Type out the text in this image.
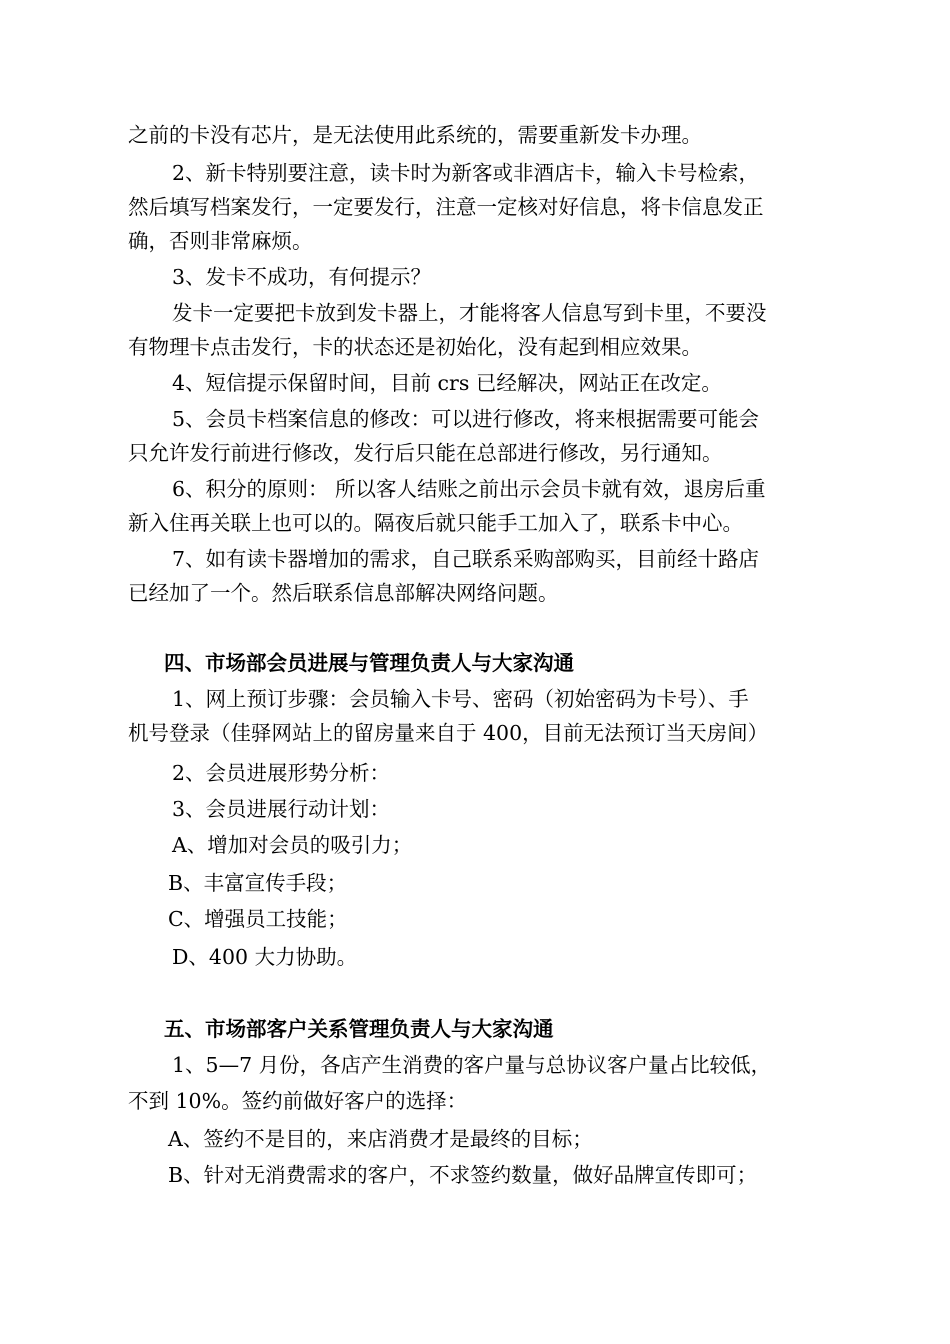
之前的卡没有芯片，是无法使用此系统的，需要重新发卡办理。
2、新卡特别要注意，读卡时为新客或非酒店卡，输入卡号检索，
然后填写档案发行，一定要发行，注意一定核对好信息，将卡信息发正
确，否则非常麻烦。
3、发卡不成功，有何提示？
发卡一定要把卡放到发卡器上，才能将客人信息写到卡里，不要没
有物理卡点击发行，卡的状态还是初始化，没有起到相应效果。
4、短信提示保留时间，目前 crs 已经解决，网站正在改定。
5、会员卡档案信息的修改：可以进行修改，将来根据需要可能会
只允许发行前进行修改，发行后只能在总部进行修改，另行通知。
6、积分的原则： 所以客人结账之前出示会员卡就有效，退房后重
新入住再关联上也可以的。隔夜后就只能手工加入了，联系卡中心。
7、如有读卡器增加的需求，自己联系采购部购买，目前经十路店
已经加了一个。然后联系信息部解决网络问题。
四、市场部会员进展与管理负责人与大家沟通
1、网上预订步骤：会员输入卡号、密码（初始密码为卡号）、手
机号登录（佳驿网站上的留房量来自于 400，目前无法预订当天房间）
2、会员进展形势分析：
3、会员进展行动计划：
A、增加对会员的吸引力；
B、丰富宣传手段；
C、增强员工技能；
D、400 大力协助。
五、市场部客户关系管理负责人与大家沟通
1、5—7 月份，各店产生消费的客户量与总协议客户量占比较低，
不到 10%。签约前做好客户的选择：
A、签约不是目的，来店消费才是最终的目标；
B、针对无消费需求的客户，不求签约数量，做好品牌宣传即可；
